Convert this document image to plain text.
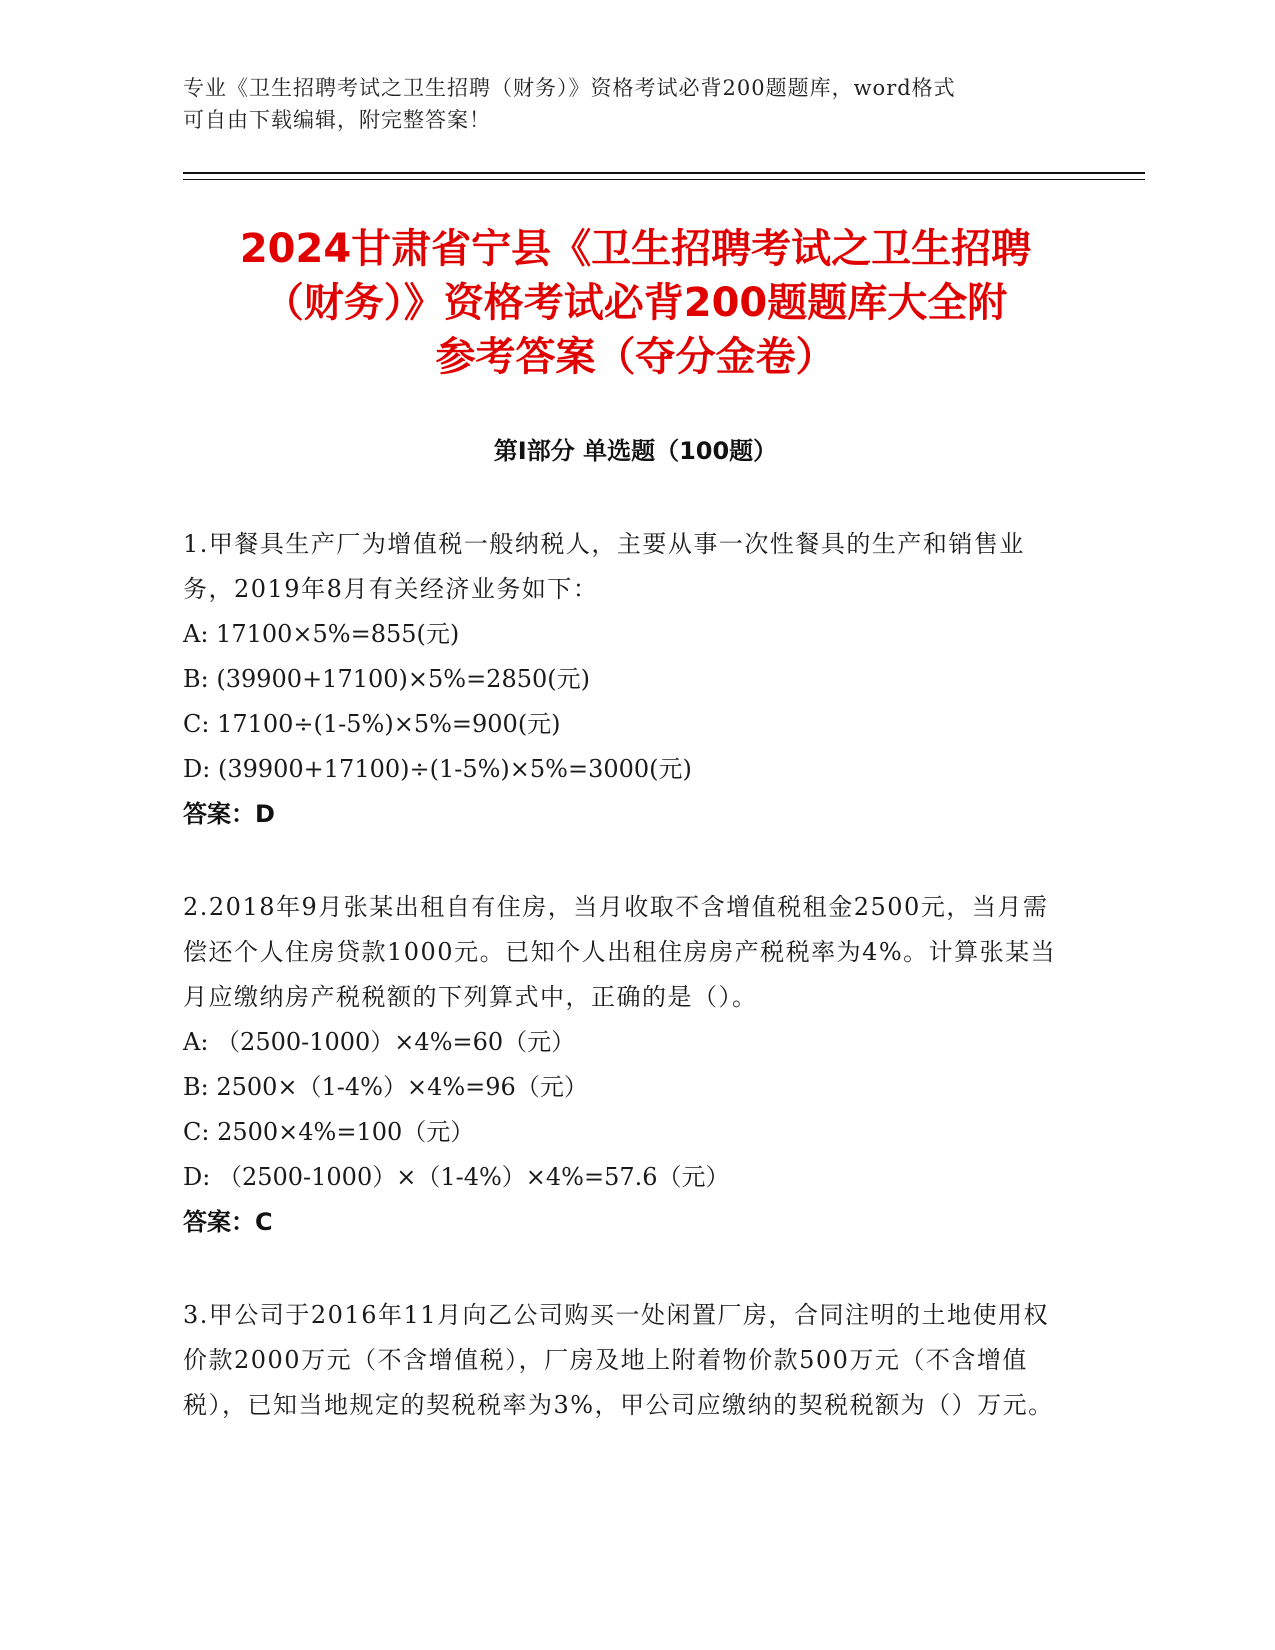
专业《卫生招聘考试之卫生招聘（财务）》资格考试必背200题题库，word格式
可自由下载编辑，附完整答案！
2024甘肃省宁县《卫生招聘考试之卫生招聘
（财务）》资格考试必背200题题库大全附
参考答案（夺分金卷）
第Ⅰ部分 单选题（100题）
1.甲餐具生产厂为增值税一般纳税人，主要从事一次性餐具的生产和销售业务，2019年8月有关经济业务如下：
A: 17100×5%=855(元)
B: (39900+17100)×5%=2850(元)
C: 17100÷(1-5%)×5%=900(元)
D: (39900+17100)÷(1-5%)×5%=3000(元)
答案：D
2.2018年9月张某出租自有住房，当月收取不含增值税租金2500元，当月需偿还个人住房贷款1000元。已知个人出租住房房产税税率为4%。计算张某当月应缴纳房产税税额的下列算式中，正确的是（）。
A: （2500-1000）×4%=60（元）
B: 2500×（1-4%）×4%=96（元）
C: 2500×4%=100（元）
D: （2500-1000）×（1-4%）×4%=57.6（元）
答案：C
3.甲公司于2016年11月向乙公司购买一处闲置厂房，合同注明的土地使用权价款2000万元（不含增值税），厂房及地上附着物价款500万元（不含增值税），已知当地规定的契税税率为3%，甲公司应缴纳的契税税额为（）万元。
